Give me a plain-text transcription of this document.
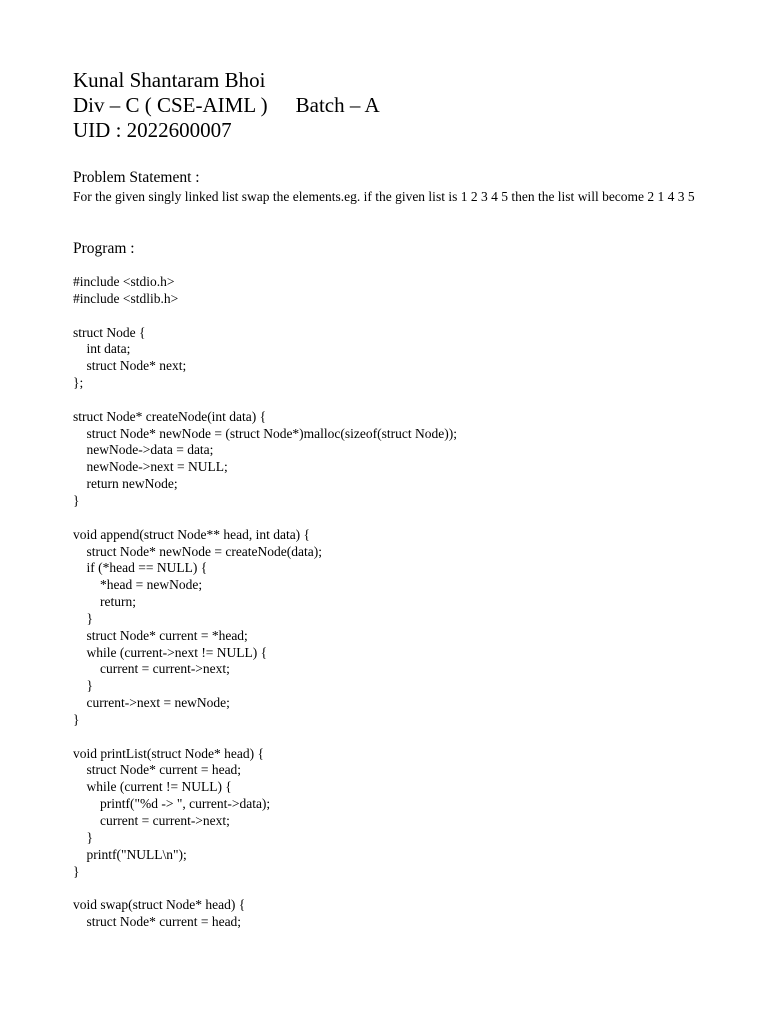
Kunal Shantaram Bhoi
Div – C ( CSE-AIML ) Batch – A
UID : 2022600007
Problem Statement :
For the given singly linked list swap the elements.eg. if the given list is 1 2 3 4 5 then the list will become 2 1 4 3 5
Program :
#include <stdio.h>
#include <stdlib.h>
struct Node {
int data;
struct Node* next;
};
struct Node* createNode(int data) {
struct Node* newNode = (struct Node*)malloc(sizeof(struct Node));
newNode->data = data;
newNode->next = NULL;
return newNode;
}
void append(struct Node** head, int data) {
struct Node* newNode = createNode(data);
if (*head == NULL) {
*head = newNode;
return;
}
struct Node* current = *head;
while (current->next != NULL) {
current = current->next;
}
current->next = newNode;
}
void printList(struct Node* head) {
struct Node* current = head;
while (current != NULL) {
printf("%d -> ", current->data);
current = current->next;
}
printf("NULL\n");
}
void swap(struct Node* head) {
struct Node* current = head;
